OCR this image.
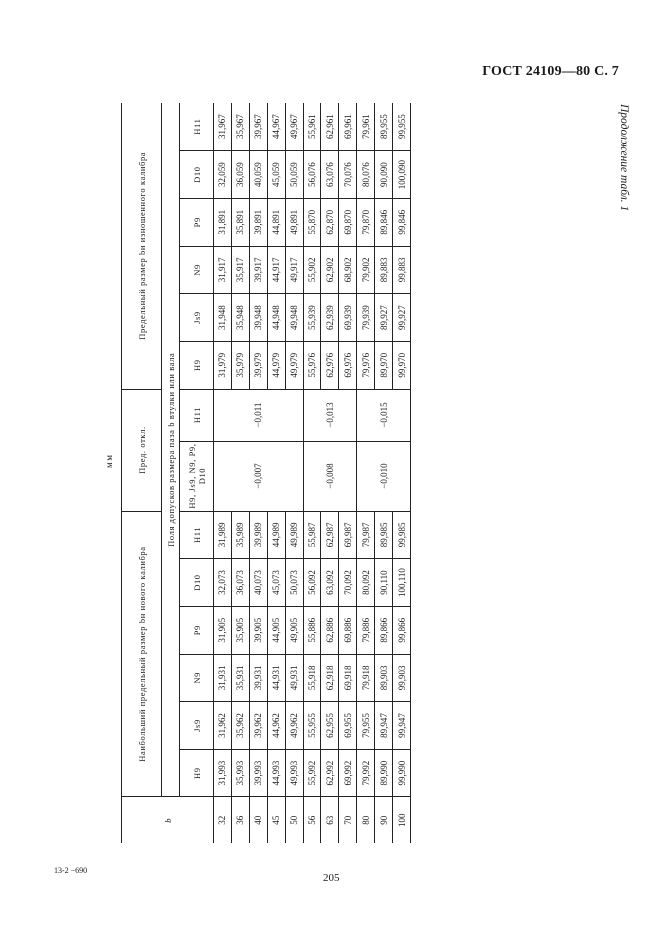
ГОСТ 24109—80 С. 7
Продолжение табл. 1
мм
b	Наибольший предельный размер bн нового калибра						Пред. откл.		Предельный размер bи изношенного калибра					
	Поля допусков размера паза b втулки или вала													
	H9	Js9	N9	P9	D10	H11	H9, Js9, N9, P9, D10	H11	H9	Js9	N9	P9	D10	H11
32	31,993	31,962	31,931	31,905	32,073	31,989	−0,007	−0,011	31,979	31,948	31,917	31,891	32,059	31,967
36	35,993	35,962	35,931	35,905	36,073	35,989			35,979	35,948	35,917	35,891	36,059	35,967
40	39,993	39,962	39,931	39,905	40,073	39,989			39,979	39,948	39,917	39,891	40,059	39,967
45	44,993	44,962	44,931	44,905	45,073	44,989			44,979	44,948	44,917	44,891	45,059	44,967
50	49,993	49,962	49,931	49,905	50,073	49,989			49,979	49,948	49,917	49,891	50,059	49,967
56	55,992	55,955	55,918	55,886	56,092	55,987	−0,008	−0,013	55,976	55,939	55,902	55,870	56,076	55,961
63	62,992	62,955	62,918	62,886	63,092	62,987			62,976	62,939	62,902	62,870	63,076	62,961
70	69,992	69,955	69,918	69,886	70,092	69,987			69,976	69,939	68,902	69,870	70,076	69,961
80	79,992	79,955	79,918	79,886	80,092	79,987	−0,010	−0,015	79,976	79,939	79,902	79,870	80,076	79,961
90	89,990	89,947	89,903	89,866	90,110	89,985			89,970	89,927	89,883	89,846	90,090	89,955
100	99,990	99,947	99,903	99,866	100,110	99,985			99,970	99,927	99,883	99,846	100,090	99,955
13-2 −690
205
